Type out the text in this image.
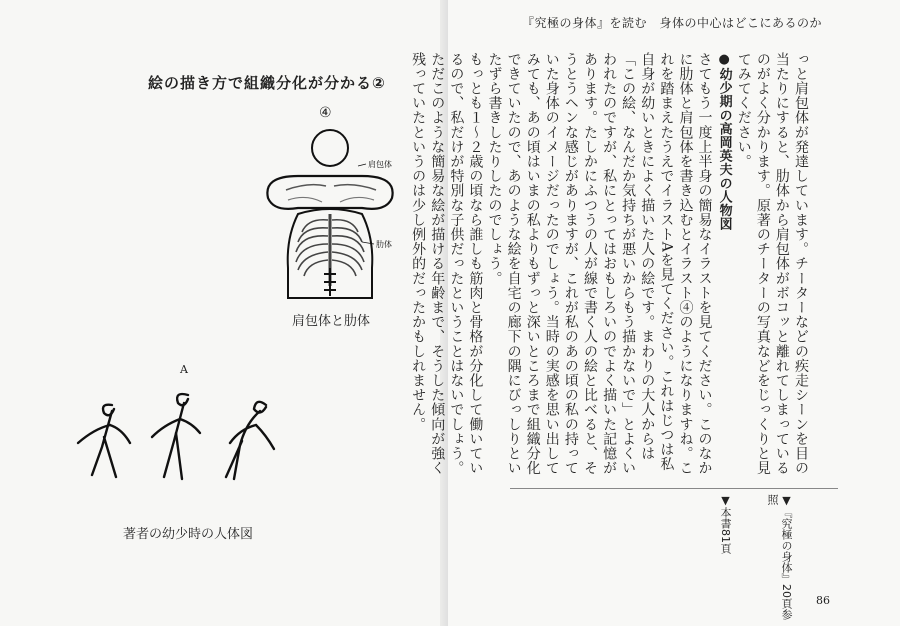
絵の描き方で組織分化が分かる②
④
肩包体
肋体
肩包体と肋体
A
著者の幼少時の人体図
『究極の身体』を読む　身体の中心はどこにあるのか
っと肩包体が発達しています。チーターなどの疾走シーンを目の当たりにすると、肋体から肩包体がボコッと離れてしまっているのがよく分かります。原著のチーターの写真などをじっくりと見てみてください。
●幼少期の高岡英夫の人物図
さてもう一度上半身の簡易なイラストを見てください。このなかに肋体と肩包体を書き込むとイラスト④のようになりますね。これを踏まえたうえでイラストAを見てください。これはじつは私自身が幼いときによく描いた人の絵です。まわりの大人からは「この絵、なんだか気持ちが悪いからもう描かないで」とよくいわれたのですが、私にとってはおもしろいのでよく描いた記憶があります。たしかにふつうの人が線で書く人の絵と比べると、そうとうヘンな感じがありますが、これが私のあの頃の私の持っていた身体のイメージだったのでしょう。当時の実感を思い出してみても、あの頃はいまの私よりもずっと深いところまで組織分化できていたので、あのような絵を自宅の廊下の隅にびっしりといたずら書きしたりしたのでしょう。
もっとも１～２歳の頃なら誰しも筋肉と骨格が分化して働いているので、私だけが特別な子供だったということはないでしょう。ただこのような簡易な絵が描ける年齢まで、そうした傾向が強く残っていたというのは少し例外的だったかもしれません。
▼本書81頁	▼『究極の身体』20頁参照
86
